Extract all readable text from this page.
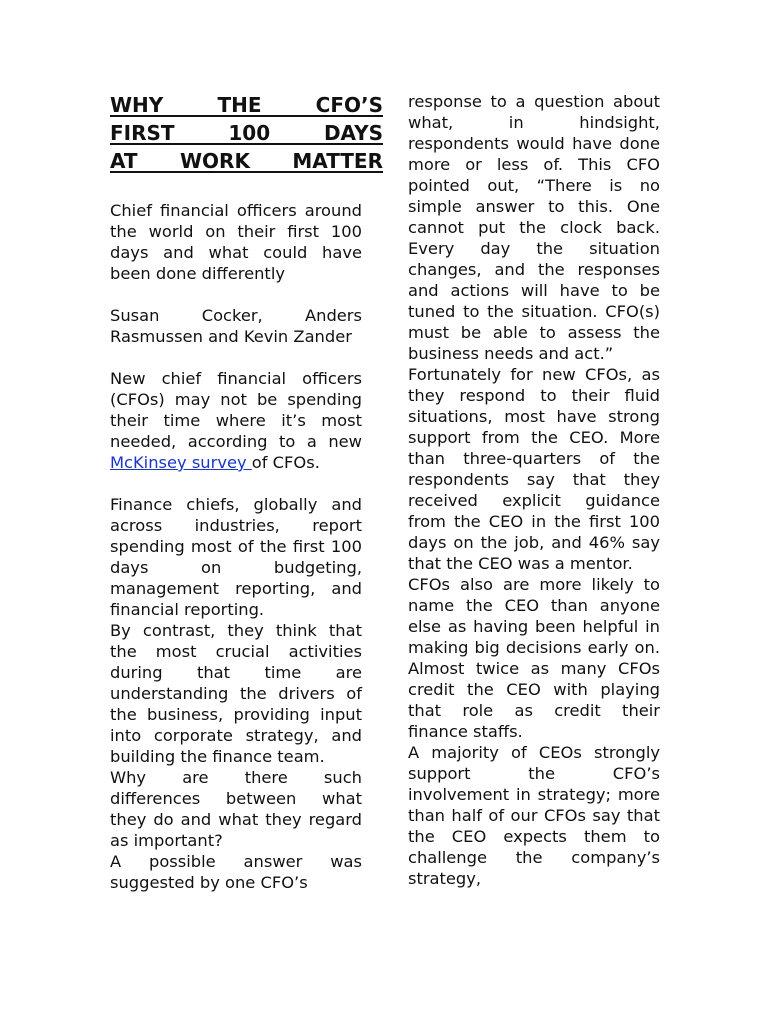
WHY THE CFO’S
FIRST 100 DAYS
AT WORK MATTER

Chief financial officers around the world on their first 100 days and what could have been done differently

Susan Cocker, Anders Rasmussen and Kevin Zander

New chief financial officers (CFOs) may not be spending their time where it’s most needed, according to a new McKinsey survey of CFOs.

Finance chiefs, globally and across industries, report spending most of the first 100 days on budgeting, management reporting, and financial reporting.

By contrast, they think that the most crucial activities during that time are understanding the drivers of the business, providing input into corporate strategy, and building the finance team.

Why are there such differences between what they do and what they regard as important?

A possible answer was suggested by one CFO’s

response to a question about what, in hindsight, respondents would have done more or less of. This CFO pointed out, “There is no simple answer to this. One cannot put the clock back. Every day the situation changes, and the responses and actions will have to be tuned to the situation. CFO(s) must be able to assess the business needs and act.”

Fortunately for new CFOs, as they respond to their fluid situations, most have strong support from the CEO. More than three-quarters of the respondents say that they received explicit guidance from the CEO in the first 100 days on the job, and 46% say that the CEO was a mentor.

CFOs also are more likely to name the CEO than anyone else as having been helpful in making big decisions early on. Almost twice as many CFOs credit the CEO with playing that role as credit their finance staffs.

A majority of CEOs strongly support the CFO’s involvement in strategy; more than half of our CFOs say that the CEO expects them to challenge the company’s strategy,
